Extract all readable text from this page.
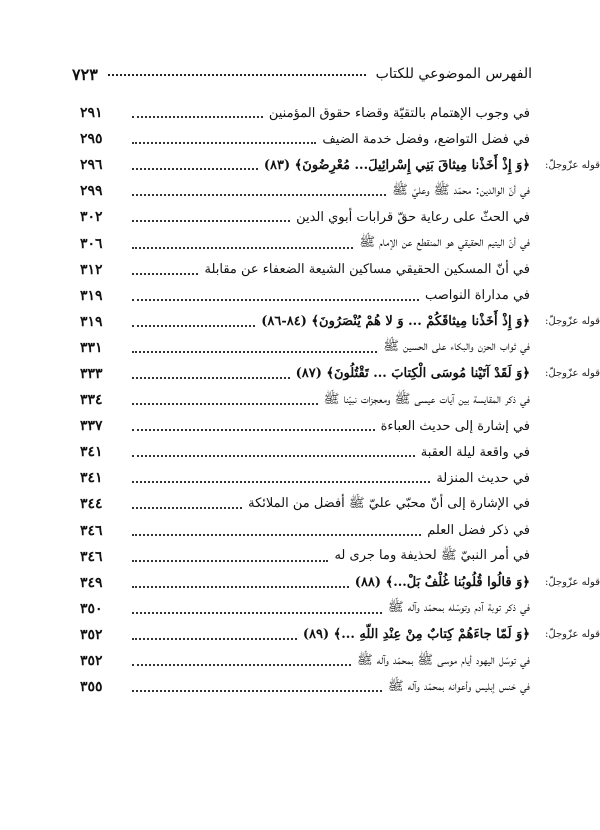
الفهرس الموضوعي للكتاب
٧٢٣
في وجوب الإهتمام بالتقيّة وقضاء حقوق المؤمنين
٢٩١
في فضل التواضع، وفضل خدمة الضيف
٢٩٥
قوله عزّوجلّ:
﴿وَ إِذْ أَخَذْنا مِيثاقَ بَنِي إِسْرائِيلَ... مُعْرِضُونَ﴾ (٨٣)
٢٩٦
في أنّ الوالدين: محمّد ﷺ وعليّ ﷺ
٢٩٩
في الحثّ على رعاية حقّ قرابات أبوي الدين
٣٠٢
في أنّ اليتيم الحقيقي هو المنقطع عن الإمام ﷺ
٣٠٦
في أنّ المسكين الحقيقي مساكين الشيعة الضعفاء عن مقابلة
٣١٢
في مداراة النواصب
٣١٩
قوله عزّوجلّ:
﴿وَ إِذْ أَخَذْنا مِيثاقَكُمْ ... وَ لا هُمْ يُنْصَرُونَ﴾ (٨٤-٨٦)
٣١٩
في ثواب الحزن والبكاء على الحسين ﷺ
٣٣١
قوله عزّوجلّ:
﴿وَ لَقَدْ آتَيْنا مُوسَى الْكِتابَ ... تَقْتُلُونَ﴾ (٨٧)
٣٣٣
في ذكر المقايسة بين آيات عيسى ﷺ ومعجزات نبيّنا ﷺ
٣٣٤
في إشارة إلى حديث العباءة
٣٣٧
في واقعة ليلة العقبة
٣٤١
في حديث المنزلة
٣٤١
في الإشارة إلى أنّ محبّي عليّ ﷺ أفضل من الملائكة
٣٤٤
في ذكر فضل العلم
٣٤٦
في أمر النبيّ ﷺ لحذيفة وما جرى له
٣٤٦
قوله عزّوجلّ:
﴿وَ قالُوا قُلُوبُنا غُلْفٌ بَلْ...﴾ (٨٨)
٣٤٩
في ذكر توبة آدم وتوسّله بمحمّد وآله ﷺ
٣٥٠
قوله عزّوجلّ:
﴿وَ لَمّا جاءَهُمْ كِتابٌ مِنْ عِنْدِ اللّهِ ...﴾ (٨٩)
٣٥٢
في توسّل اليهود أيام موسى ﷺ بمحمّد وآله ﷺ
٣٥٢
في خنس إبليس وأعوانه بمحمّد وآله ﷺ
٣٥٥
